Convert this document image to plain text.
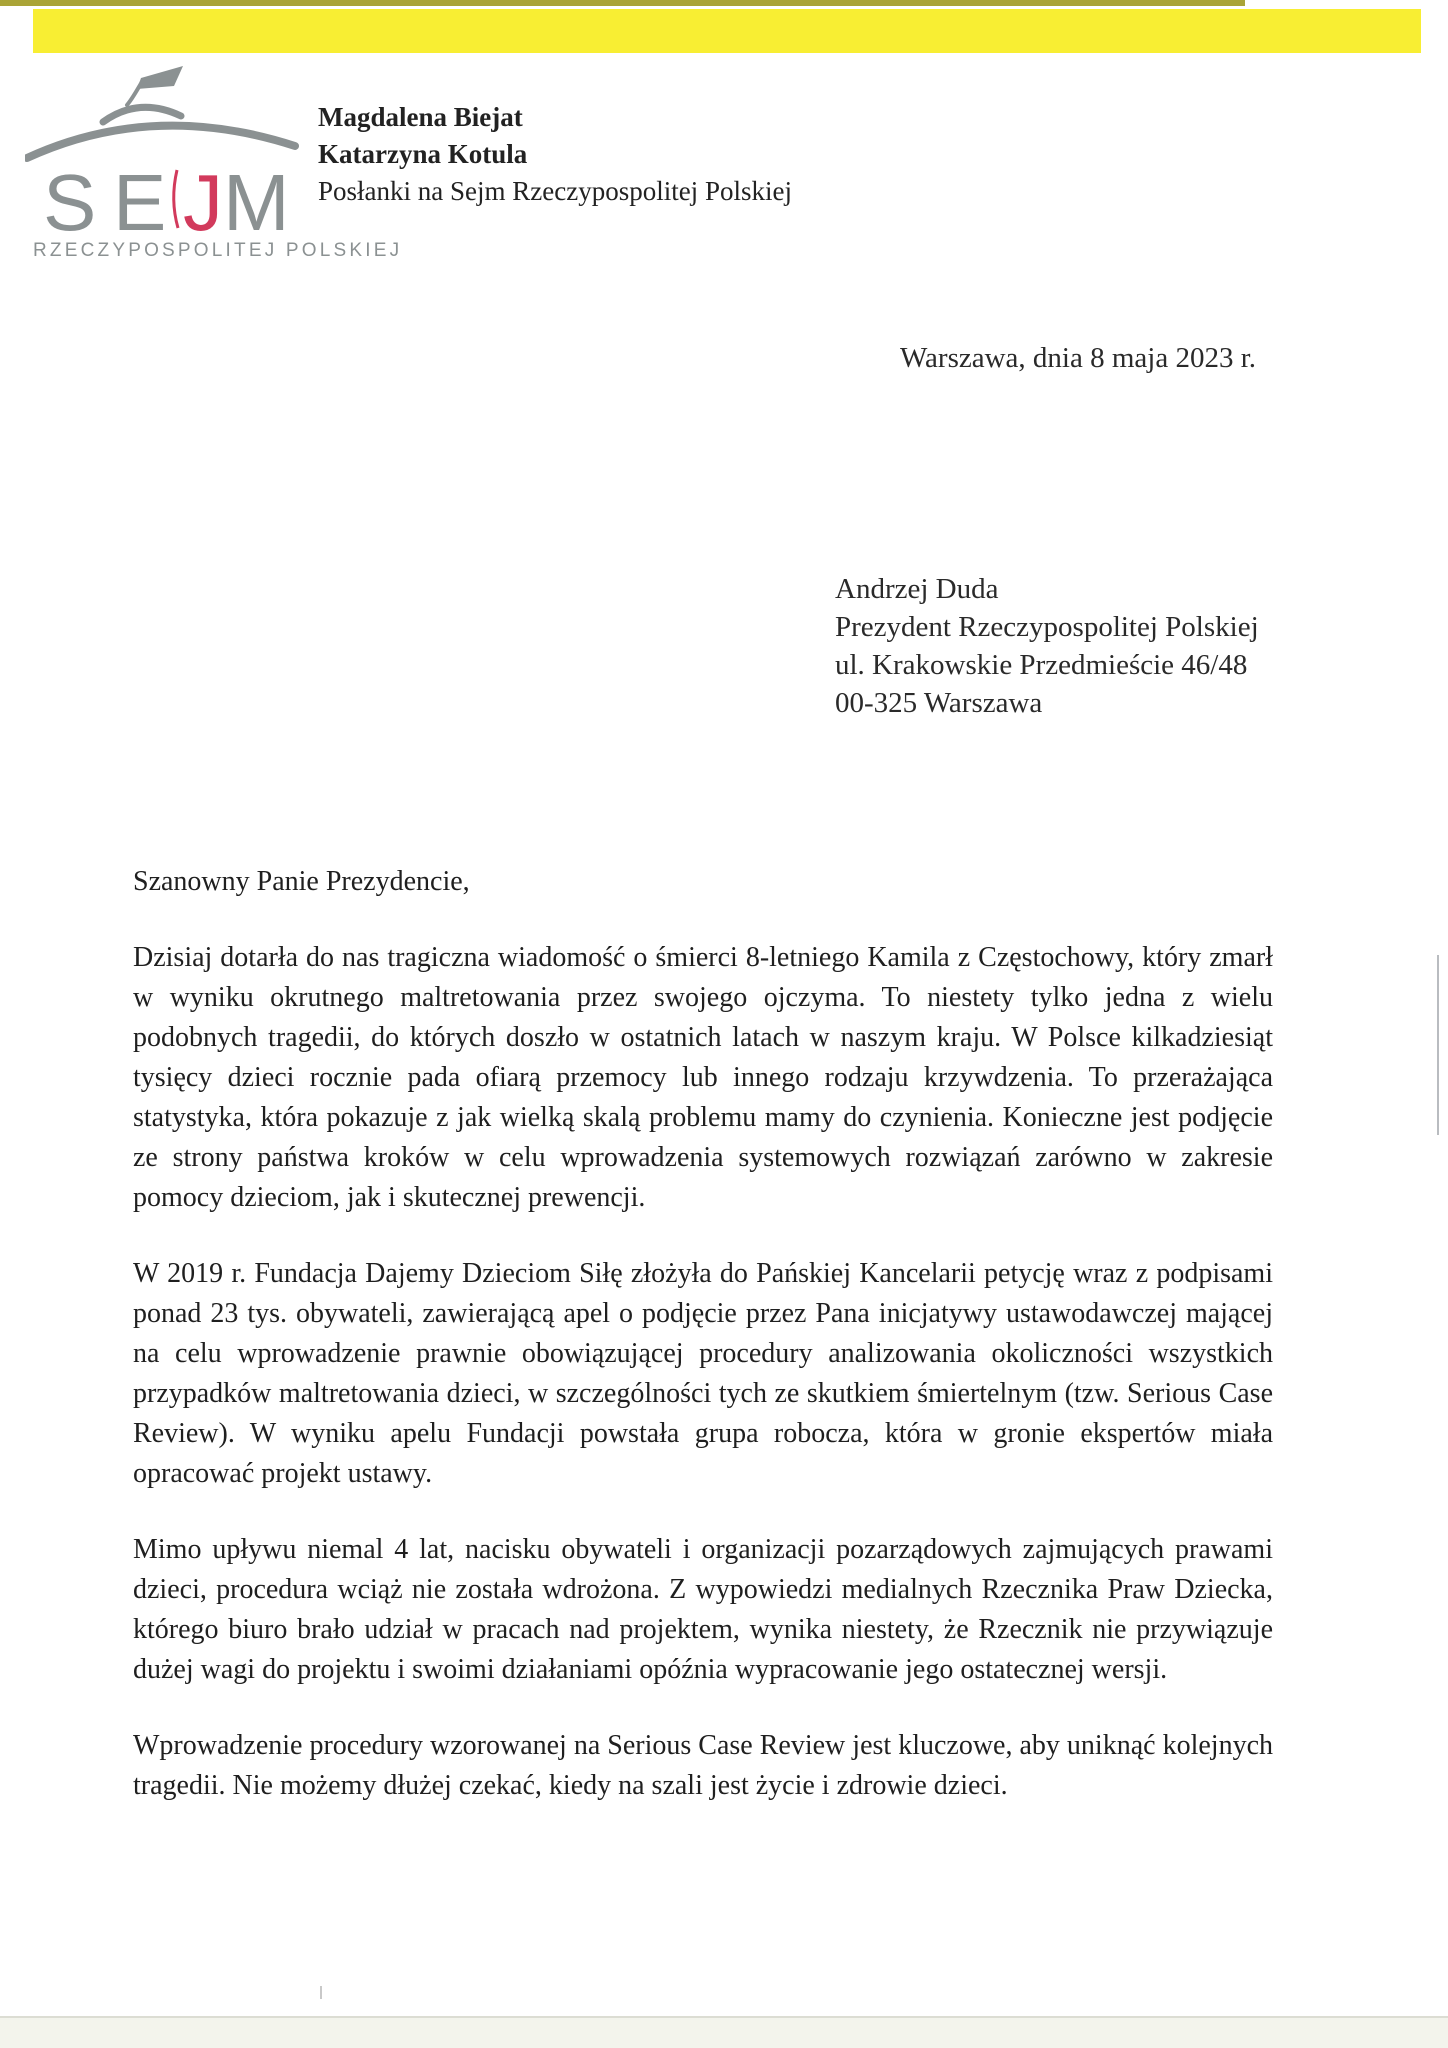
S E J M
RZECZYPOSPOLITEJ POLSKIEJ
Magdalena Biejat
Katarzyna Kotula
Posłanki na Sejm Rzeczypospolitej Polskiej
Warszawa, dnia 8 maja 2023 r.
Andrzej Duda
Prezydent Rzeczypospolitej Polskiej
ul. Krakowskie Przedmieście 46/48
00-325 Warszawa

Szanowny Panie Prezydencie,

Dzisiaj dotarła do nas tragiczna wiadomość o śmierci 8-letniego Kamila z Częstochowy, który zmarł w wyniku okrutnego maltretowania przez swojego ojczyma. To niestety tylko jedna z wielu podobnych tragedii, do których doszło w ostatnich latach w naszym kraju. W Polsce kilkadziesiąt tysięcy dzieci rocznie pada ofiarą przemocy lub innego rodzaju krzywdzenia. To przerażająca statystyka, która pokazuje z jak wielką skalą problemu mamy do czynienia. Konieczne jest podjęcie ze strony państwa kroków w celu wprowadzenia systemowych rozwiązań zarówno w zakresie pomocy dzieciom, jak i skutecznej prewencji.

W 2019 r. Fundacja Dajemy Dzieciom Siłę złożyła do Pańskiej Kancelarii petycję wraz z podpisami ponad 23 tys. obywateli, zawierającą apel o podjęcie przez Pana inicjatywy ustawodawczej mającej na celu wprowadzenie prawnie obowiązującej procedury analizowania okoliczności wszystkich przypadków maltretowania dzieci, w szczególności tych ze skutkiem śmiertelnym (tzw. Serious Case Review). W wyniku apelu Fundacji powstała grupa robocza, która w gronie ekspertów miała opracować projekt ustawy.

Mimo upływu niemal 4 lat, nacisku obywateli i organizacji pozarządowych zajmujących prawami dzieci, procedura wciąż nie została wdrożona. Z wypowiedzi medialnych Rzecznika Praw Dziecka, którego biuro brało udział w pracach nad projektem, wynika niestety, że Rzecznik nie przywiązuje dużej wagi do projektu i swoimi działaniami opóźnia wypracowanie jego ostatecznej wersji.

Wprowadzenie procedury wzorowanej na Serious Case Review jest kluczowe, aby uniknąć kolejnych tragedii. Nie możemy dłużej czekać, kiedy na szali jest życie i zdrowie dzieci.
